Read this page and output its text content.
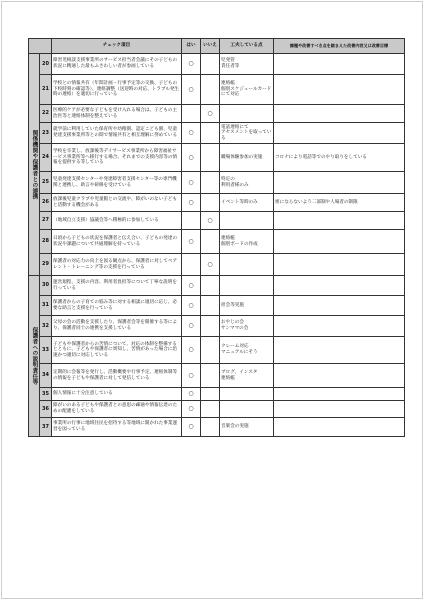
		チェック項目	はい	いいえ	工夫している点	課題や改善すべき点を踏まえた改善内容又は改善目標
関係機関や保護者との連携	20	障害児相談支援事業所のサービス担当者会議にその子どもの状況に精通した最もふさわしい者が参画している	○		児発管
責任者等	
	21	学校との情報共有（年間計画・行事予定等の交換、子どもの下校時刻の確認等）、連絡調整（送迎時の対応、トラブル発生時の連絡）を適切に行っている	○		連絡帳
個別スケジュールカードにて対応	
	22	医療的ケアが必要な子どもを受け入れる場合は、子どもの主治医等と連絡体制を整えている		○		
	23	就学前に利用していた保育所や幼稚園、認定こども園、児童発達支援事業所等との間で情報共有と相互理解に努めている	○		電話連絡にて
アセスメントを取っている	
	24	学校を卒業し、放課後等デイサービス事業所から障害福祉サービス事業所等へ移行する場合、それまでの支援内容等の情報を提供する等している	○		職場体験参加の実施	コロナにより電話等でのやり取りをしている
	25	児童発達支援センターや発達障害者支援センター等の専門機関と連携し、助言や研修を受けている	○		特定の
利用者様のみ	
	26	放課後児童クラブや児童館との交流や、障がいのない子どもと活動する機会がある	○		イベント等時のみ	密にならないよう二部制や人場者の制限
	27	（地域自立支援）協議会等へ積極的に参加している		○		
	28	日頃から子どもの状況を保護者と伝え合い、子どもの発達の状況や課題について共通理解を持っている	○		連絡帳
個別ボードの作成	
	29	保護者の対応力の向上を図る観点から、保護者に対してペアレント・トレーニング等の支援を行っている		○		
保護者への説明責任等	30	運営規程、支援の内容、利用者負担等について丁寧な説明を行っている	○			
	31	保護者からの子育ての悩み等に対する相談に適切に応じ、必要な助言と支援を行っている	○		担会等実施	
	32	父母の会の活動を支援したり、保護者会等を開催する等により、保護者同士の連携を支援している	○		おやじの会
サンママの会	
	33	子どもや保護者からの苦情について、対応の体制を整備するとともに、子どもや保護者に周知し、苦情があった場合に迅速かつ適切に対応している	○		クレーム対応
マニュアルにそう	
	34	定期的に会報等を発行し、活動概要や行事予定、連絡体制等の情報を子どもや保護者に対して発信している	○		ブログ、インスタ
連絡帳	
	35	個人情報に十分注意している	○			
	36	障がいのある子どもや保護者との意思の疎通や情報伝達のための配慮をしている	○			
	37	事業所の行事に地域住民を招待する等地域に開かれた事業運営を図っている	○		音楽会の実施	
